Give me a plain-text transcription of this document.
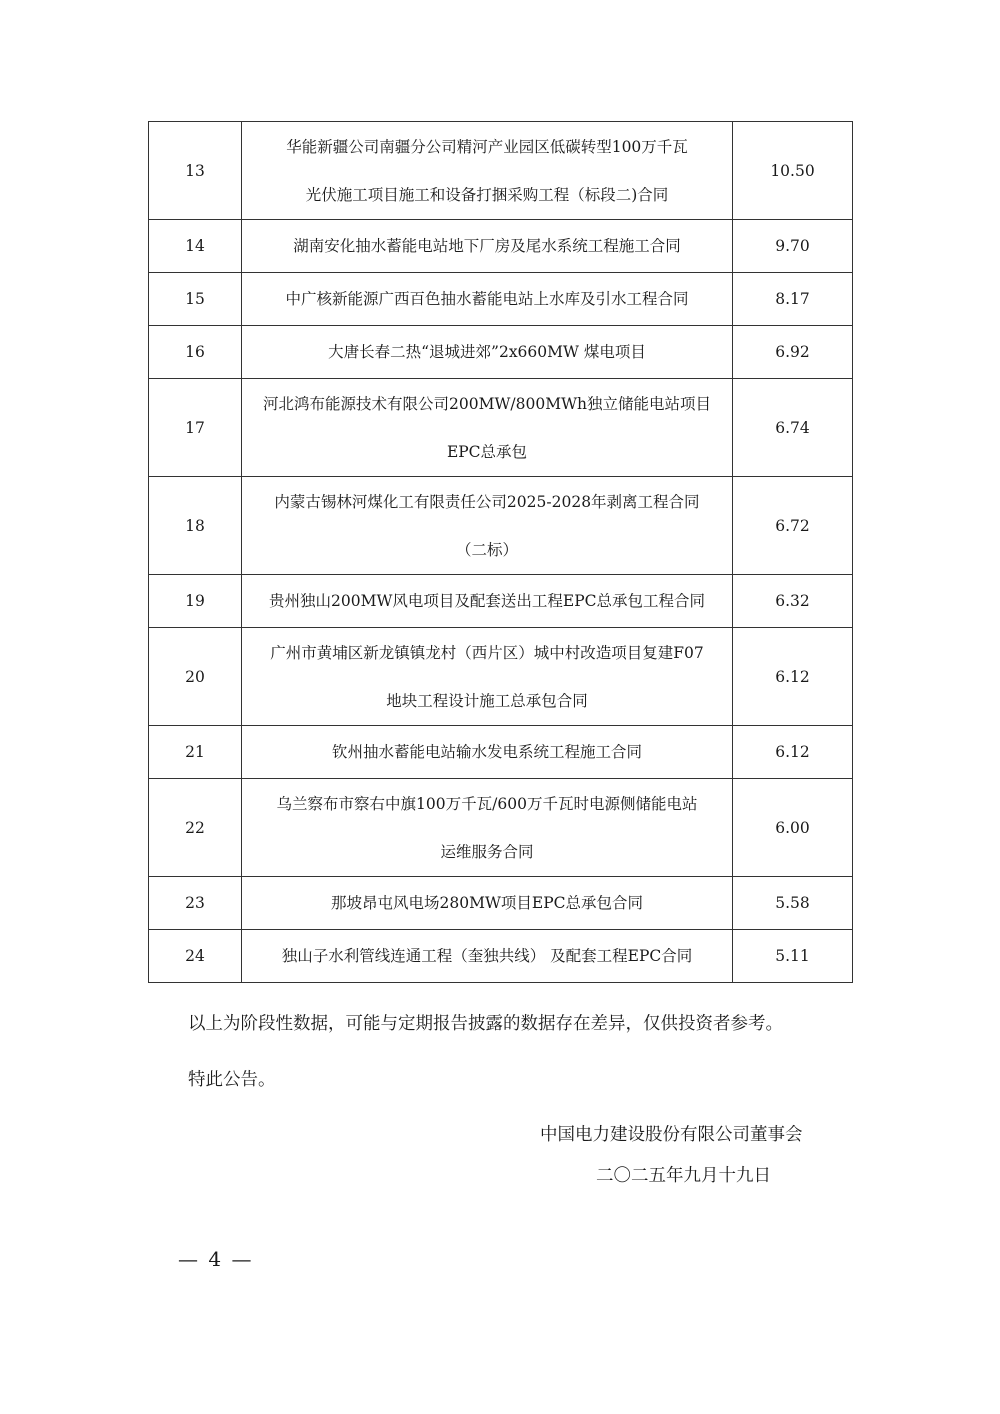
13	华能新疆公司南疆分公司精河产业园区低碳转型100万千瓦
光伏施工项目施工和设备打捆采购工程（标段二)合同	10.50
14	湖南安化抽水蓄能电站地下厂房及尾水系统工程施工合同	9.70
15	中广核新能源广西百色抽水蓄能电站上水库及引水工程合同	8.17
16	大唐长春二热“退城进郊”2x660MW 煤电项目	6.92
17	河北鸿布能源技术有限公司200MW/800MWh独立储能电站项目
EPC总承包	6.74
18	内蒙古锡林河煤化工有限责任公司2025-2028年剥离工程合同
（二标）	6.72
19	贵州独山200MW风电项目及配套送出工程EPC总承包工程合同	6.32
20	广州市黄埔区新龙镇镇龙村（西片区）城中村改造项目复建F07
地块工程设计施工总承包合同	6.12
21	钦州抽水蓄能电站输水发电系统工程施工合同	6.12
22	乌兰察布市察右中旗100万千瓦/600万千瓦时电源侧储能电站
运维服务合同	6.00
23	那坡昂屯风电场280MW项目EPC总承包合同	5.58
24	独山子水利管线连通工程（奎独共线） 及配套工程EPC合同	5.11

以上为阶段性数据，可能与定期报告披露的数据存在差异，仅供投资者参考。

特此公告。

中国电力建设股份有限公司董事会

二〇二五年九月十九日

— 4 —
